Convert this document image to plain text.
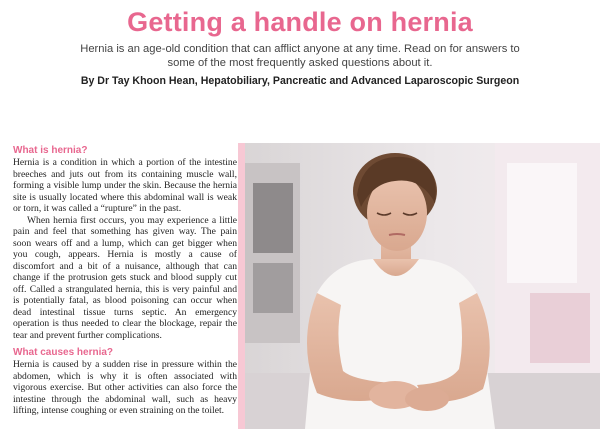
Getting a handle on hernia
Hernia is an age-old condition that can afflict anyone at any time. Read on for answers to
some of the most frequently asked questions about it.
By Dr Tay Khoon Hean, Hepatobiliary, Pancreatic and Advanced Laparoscopic Surgeon

What is hernia?

Hernia is a condition in which a portion of the intestine breeches and juts out from its containing muscle wall, forming a visible lump under the skin. Because the hernia site is usually located where this abdominal wall is weak or torn, it was called a “rupture” in the past.

When hernia first occurs, you may experience a little pain and feel that something has given way. The pain soon wears off and a lump, which can get bigger when you cough, appears. Hernia is mostly a cause of discomfort and a bit of a nuisance, although that can change if the protrusion gets stuck and blood supply cut off. Called a strangulated hernia, this is very painful and is potentially fatal, as blood poisoning can occur when dead intestinal tissue turns septic. An emergency operation is thus needed to clear the blockage, repair the tear and prevent further complications.

What causes hernia?

Hernia is caused by a sudden rise in pressure within the abdomen, which is why it is often associated with vigorous exercise. But other activities can also force the intestine through the abdominal wall, such as heavy lifting, intense coughing or even straining on the toilet.
